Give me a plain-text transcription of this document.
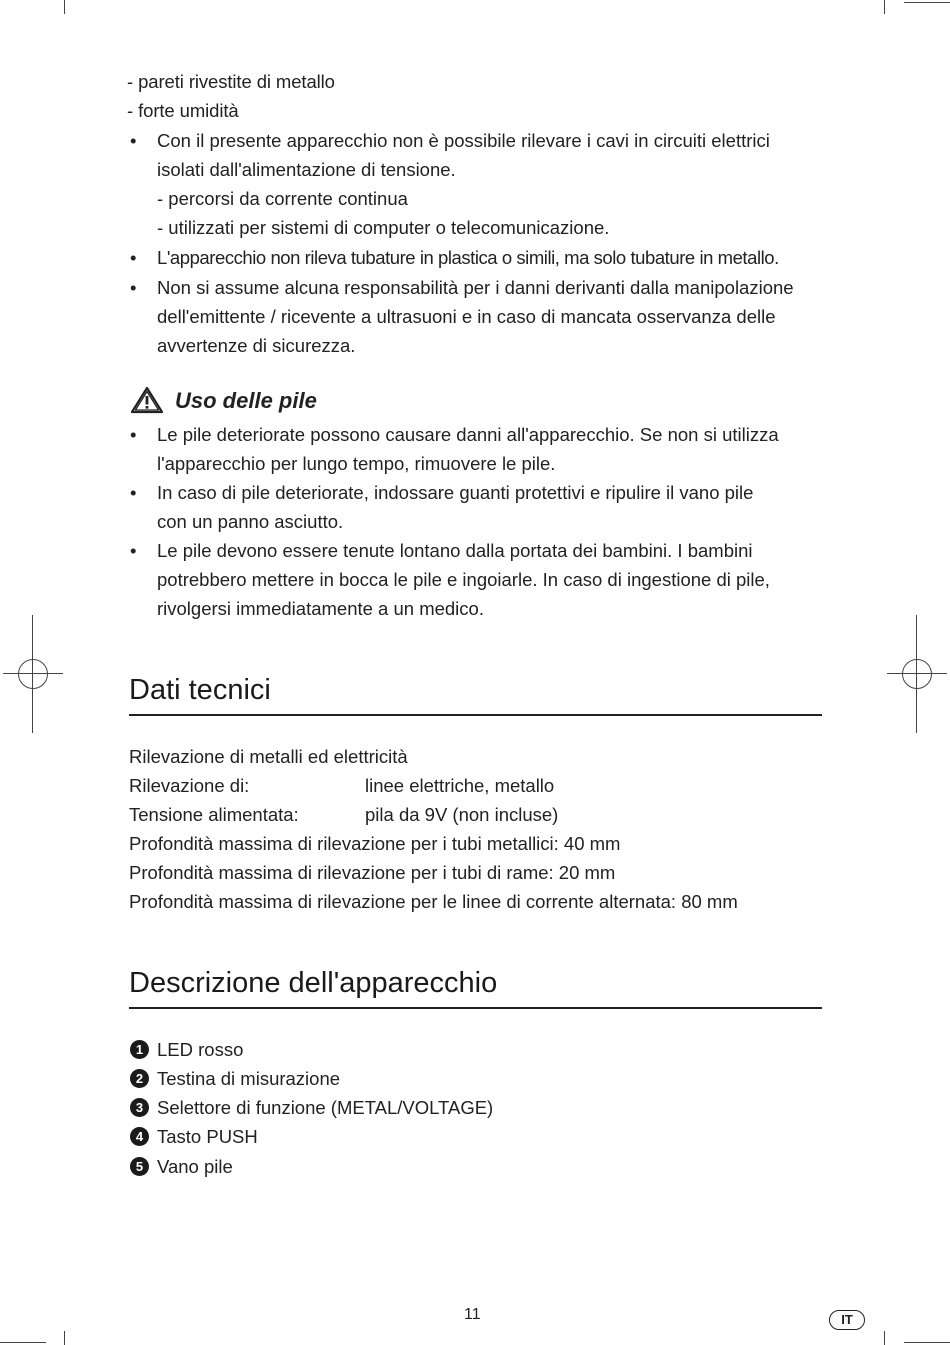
- pareti rivestite di metallo
- forte umidità
• Con il presente apparecchio non è possibile rilevare i cavi in circuiti elettrici
isolati dall'alimentazione di tensione.
- percorsi da corrente continua
- utilizzati per sistemi di computer o telecomunicazione.
• L'apparecchio non rileva tubature in plastica o simili, ma solo tubature in metallo.
• Non si assume alcuna responsabilità per i danni derivanti dalla manipolazione
dell'emittente / ricevente a ultrasuoni e in caso di mancata osservanza delle
avvertenze di sicurezza.
Uso delle pile
• Le pile deteriorate possono causare danni all'apparecchio. Se non si utilizza
l'apparecchio per lungo tempo, rimuovere le pile.
• In caso di pile deteriorate, indossare guanti protettivi e ripulire il vano pile
con un panno asciutto.
• Le pile devono essere tenute lontano dalla portata dei bambini. I bambini
potrebbero mettere in bocca le pile e ingoiarle. In caso di ingestione di pile,
rivolgersi immediatamente a un medico.
Dati tecnici
Rilevazione di metalli ed elettricità
Rilevazione di:	linee elettriche, metallo
Tensione alimentata:	pila da 9V (non incluse)
Profondità massima di rilevazione per i tubi metallici: 40 mm
Profondità massima di rilevazione per i tubi di rame: 20 mm
Profondità massima di rilevazione per le linee di corrente alternata: 80 mm
Descrizione dell'apparecchio
1 LED rosso
2 Testina di misurazione
3 Selettore di funzione (METAL/VOLTAGE)
4 Tasto PUSH
5 Vano pile
11	IT
